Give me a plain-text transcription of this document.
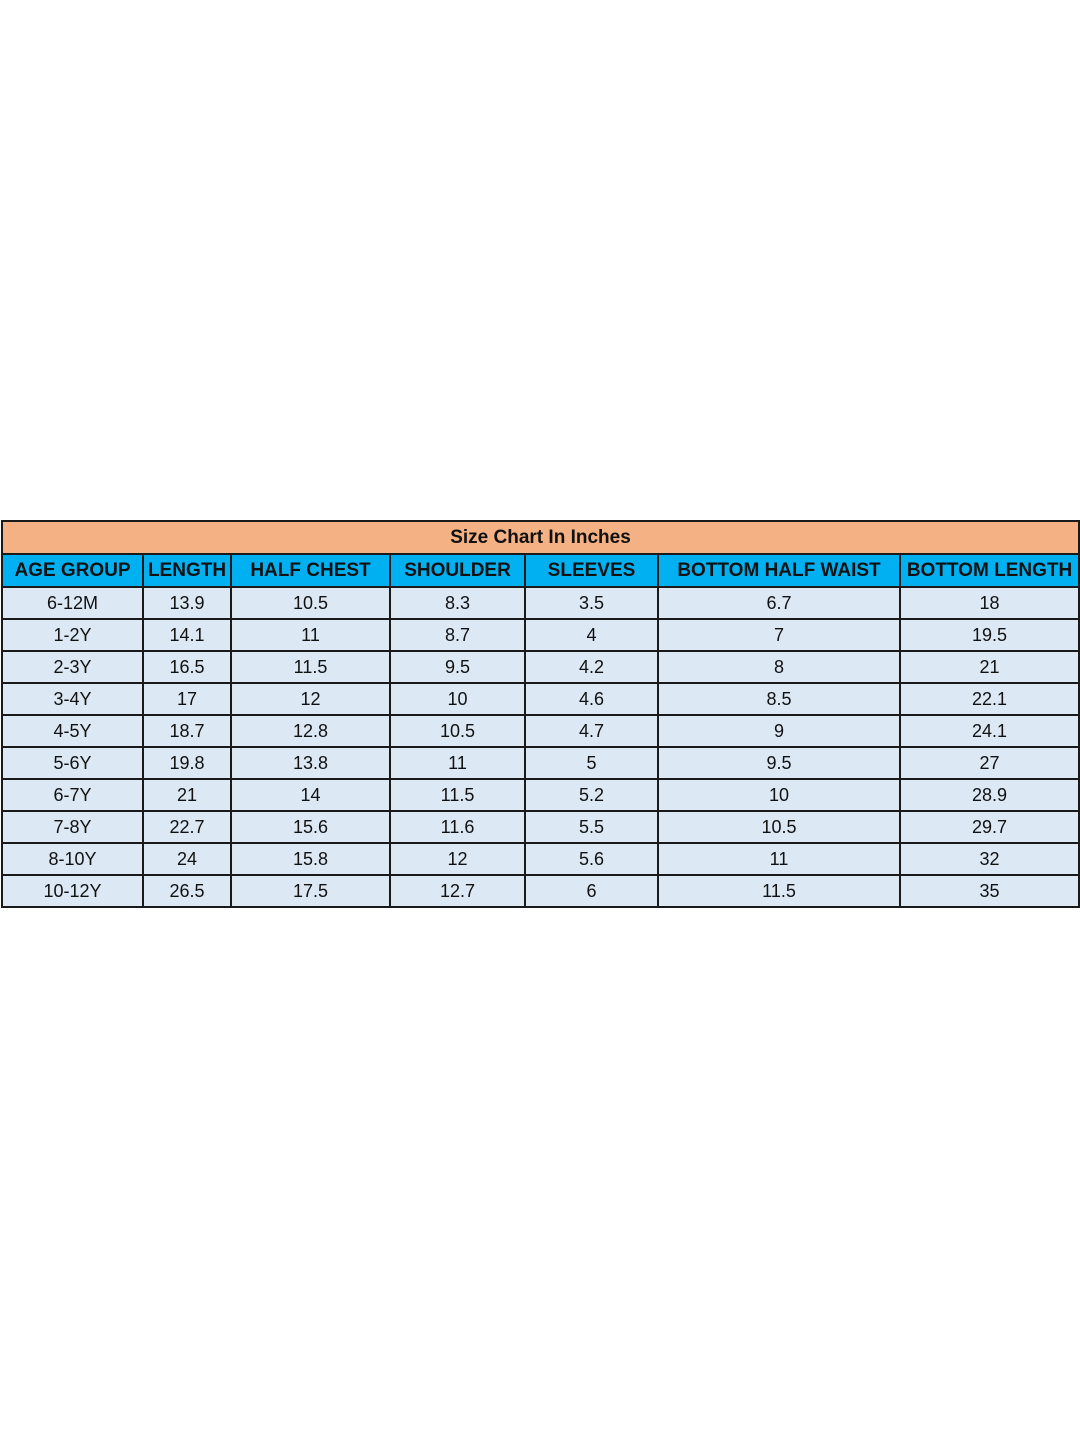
Size Chart In Inches						
AGE GROUP	LENGTH	HALF CHEST	SHOULDER	SLEEVES	BOTTOM HALF WAIST	BOTTOM LENGTH
6-12M	13.9	10.5	8.3	3.5	6.7	18
1-2Y	14.1	11	8.7	4	7	19.5
2-3Y	16.5	11.5	9.5	4.2	8	21
3-4Y	17	12	10	4.6	8.5	22.1
4-5Y	18.7	12.8	10.5	4.7	9	24.1
5-6Y	19.8	13.8	11	5	9.5	27
6-7Y	21	14	11.5	5.2	10	28.9
7-8Y	22.7	15.6	11.6	5.5	10.5	29.7
8-10Y	24	15.8	12	5.6	11	32
10-12Y	26.5	17.5	12.7	6	11.5	35
